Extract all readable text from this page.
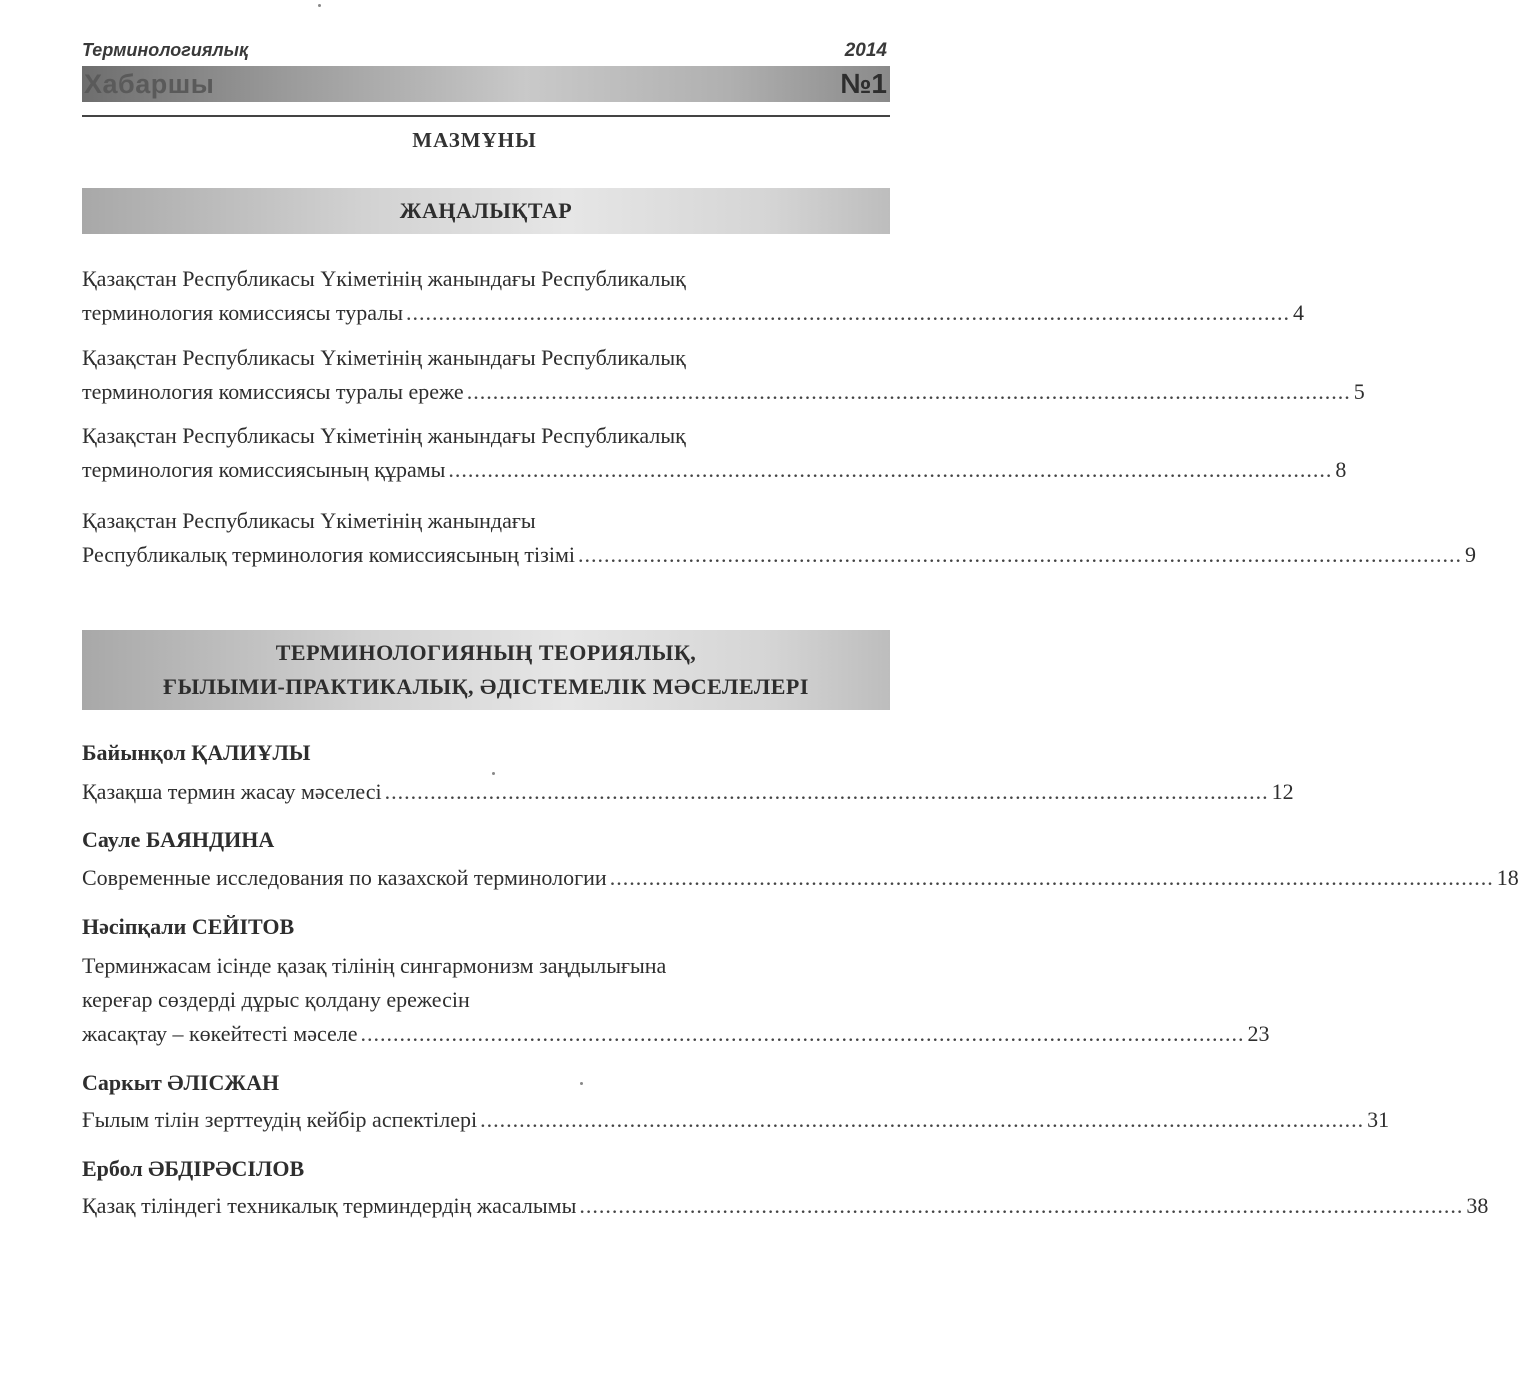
Терминологиялық	2014
Хабаршы	№1
МАЗМҰНЫ
ЖАҢАЛЫҚТАР
Қазақстан Республикасы Үкіметінің жанындағы Республикалық
терминология комиссиясы туралы ........................................................................................................................................ 4
Қазақстан Республикасы Үкіметінің жанындағы Республикалық
терминология комиссиясы туралы ереже ........................................................................................................................................ 5
Қазақстан Республикасы Үкіметінің жанындағы Республикалық
терминология комиссиясының құрамы ........................................................................................................................................ 8
Қазақстан Республикасы Үкіметінің жанындағы
Республикалық терминология комиссиясының тізімі ........................................................................................................................................ 9
ТЕРМИНОЛОГИЯНЫҢ ТЕОРИЯЛЫҚ,
ҒЫЛЫМИ-ПРАКТИКАЛЫҚ, ӘДІСТЕМЕЛІК МӘСЕЛЕЛЕРІ
Байынқол ҚАЛИҰЛЫ
Қазақша термин жасау мәселесі ........................................................................................................................................ 12
Сауле БАЯНДИНА
Современные исследования по казахской терминологии ........................................................................................................................................ 18
Нәсіпқали СЕЙІТОВ
Терминжасам ісінде қазақ тілінің сингармонизм заңдылығына
кереғар сөздерді дұрыс қолдану ережесін
жасақтау – көкейтесті мәселе ........................................................................................................................................ 23
Саркыт ӘЛІСЖАН
Ғылым тілін зерттеудің кейбір аспектілері ........................................................................................................................................ 31
Ербол ӘБДІРӘСІЛОВ
Қазақ тіліндегі техникалық терминдердің жасалымы ........................................................................................................................................ 38
